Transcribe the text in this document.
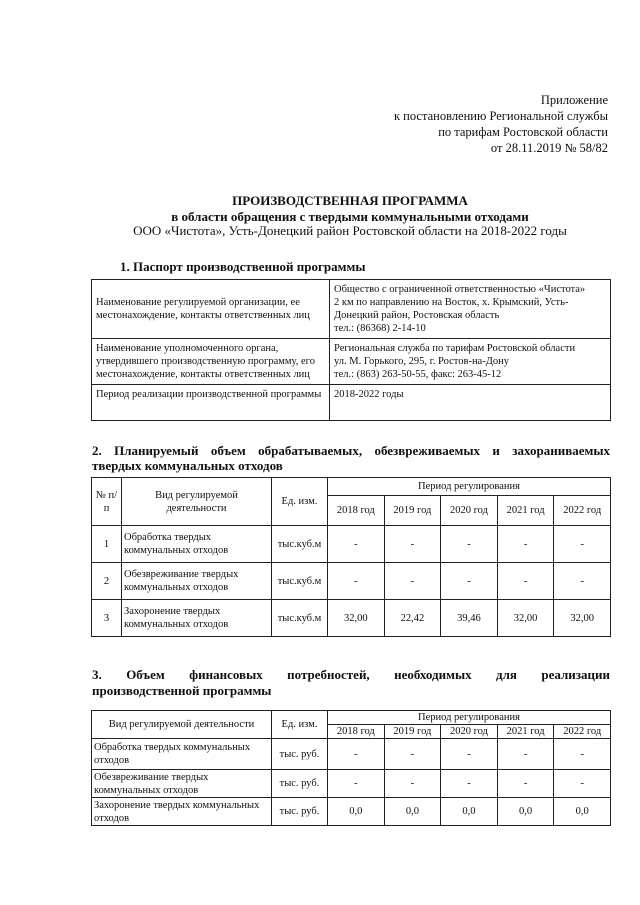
Приложение
к постановлению Региональной службы
по тарифам Ростовской области
от 28.11.2019 № 58/82
ПРОИЗВОДСТВЕННАЯ ПРОГРАММА
в области обращения с твердыми коммунальными отходами
ООО «Чистота», Усть-Донецкий район Ростовской области на 2018-2022 годы
1. Паспорт производственной программы
Наименование регулируемой организации, ее местонахождение, контакты ответственных лиц	Общество с ограниченной ответственностью «Чистота»
2 км по направлению на Восток, х. Крымский, Усть-Донецкий район, Ростовская область
тел.: (86368) 2-14-10

Наименование уполномоченного органа, утвердившего производственную программу, его местонахождение, контакты ответственных лиц	Региональная служба по тарифам Ростовской области
ул. М. Горького, 295, г. Ростов-на-Дону
тел.: (863) 263-50-55, факс: 263-45-12

Период реализации производственной программы	2018-2022 годы
2. Планируемый объем обрабатываемых, обезвреживаемых и захораниваемых
твердых коммунальных отходов
№ п/п	Вид регулируемой деятельности	Ед. изм.	Период регулирования				
			2018 год	2019 год	2020 год	2021 год	2022 год
1	Обработка твердых коммунальных отходов	тыс.куб.м	-	-	-	-	-
2	Обезвреживание твердых коммунальных отходов	тыс.куб.м	-	-	-	-	-
3	Захоронение твердых коммунальных отходов	тыс.куб.м	32,00	22,42	39,46	32,00	32,00
3. Объем финансовых потребностей, необходимых для реализации
производственной программы
Вид регулируемой деятельности	Ед. изм.	Период регулирования				
		2018 год	2019 год	2020 год	2021 год	2022 год
Обработка твердых коммунальных отходов	тыс. руб.	-	-	-	-	-
Обезвреживание твердых коммунальных отходов	тыс. руб.	-	-	-	-	-
Захоронение твердых коммунальных отходов	тыс. руб.	0,0	0,0	0,0	0,0	0,0
